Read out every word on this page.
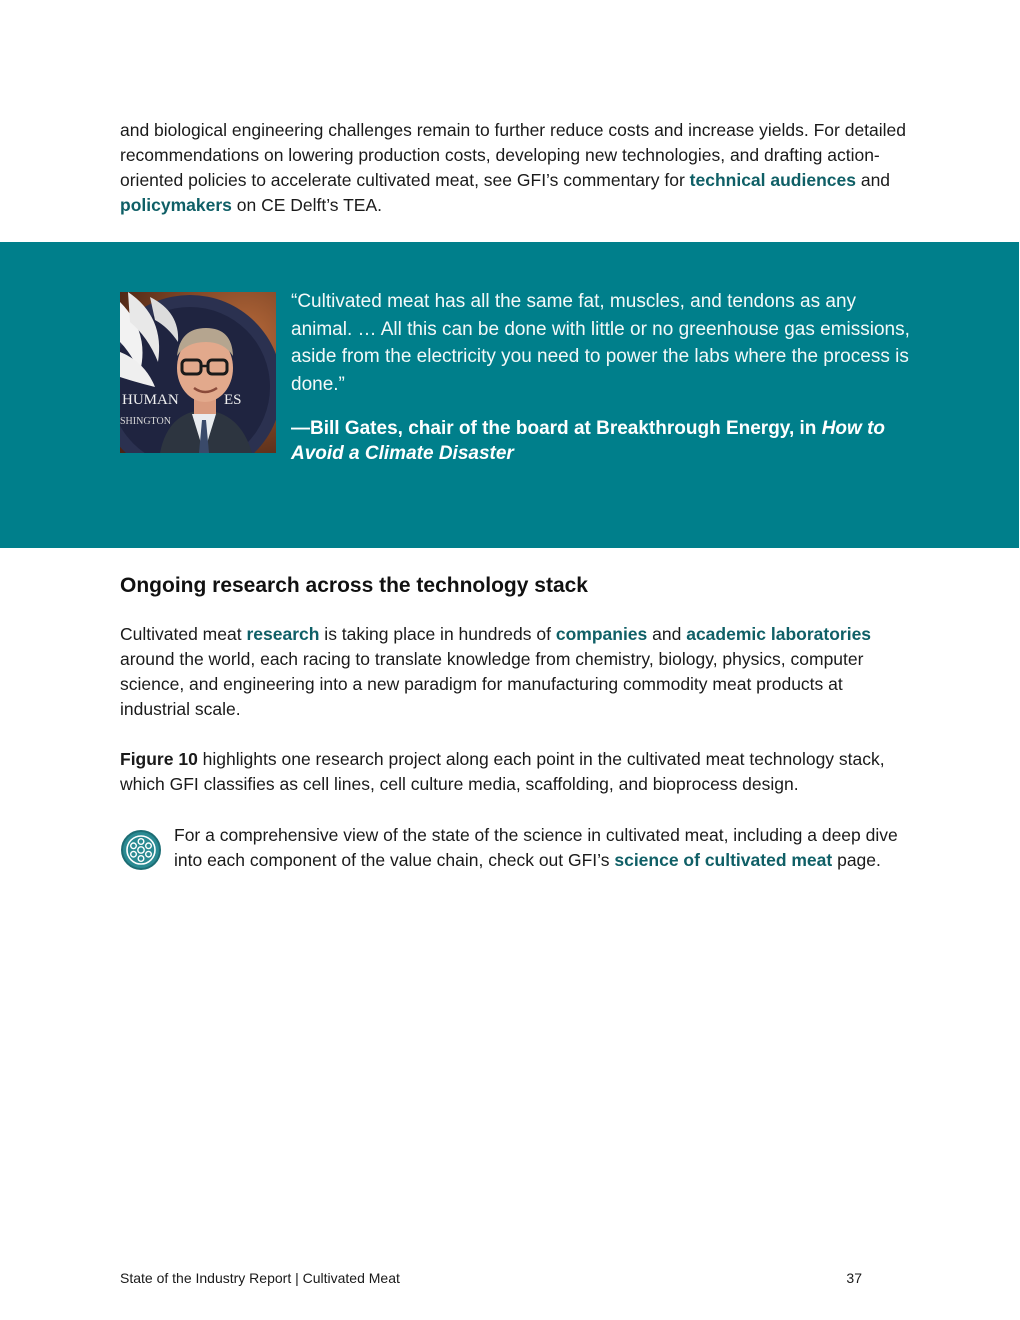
and biological engineering challenges remain to further reduce costs and increase yields. For detailed recommendations on lowering production costs, developing new technologies, and drafting action-oriented policies to accelerate cultivated meat, see GFI’s commentary for technical audiences and policymakers on CE Delft’s TEA.

HUMAN	ES
SHINGTON

“Cultivated meat has all the same fat, muscles, and tendons as any animal. … All this can be done with little or no greenhouse gas emissions, aside from the electricity you need to power the labs where the process is done.”

—Bill Gates, chair of the board at Breakthrough Energy, in How to Avoid a Climate Disaster

Ongoing research across the technology stack

Cultivated meat research is taking place in hundreds of companies and academic laboratories around the world, each racing to translate knowledge from chemistry, biology, physics, computer science, and engineering into a new paradigm for manufacturing commodity meat products at industrial scale.

Figure 10 highlights one research project along each point in the cultivated meat technology stack, which GFI classifies as cell lines, cell culture media, scaffolding, and bioprocess design.

For a comprehensive view of the state of the science in cultivated meat, including a deep dive into each component of the value chain, check out GFI’s science of cultivated meat page.

State of the Industry Report | Cultivated Meat	37
